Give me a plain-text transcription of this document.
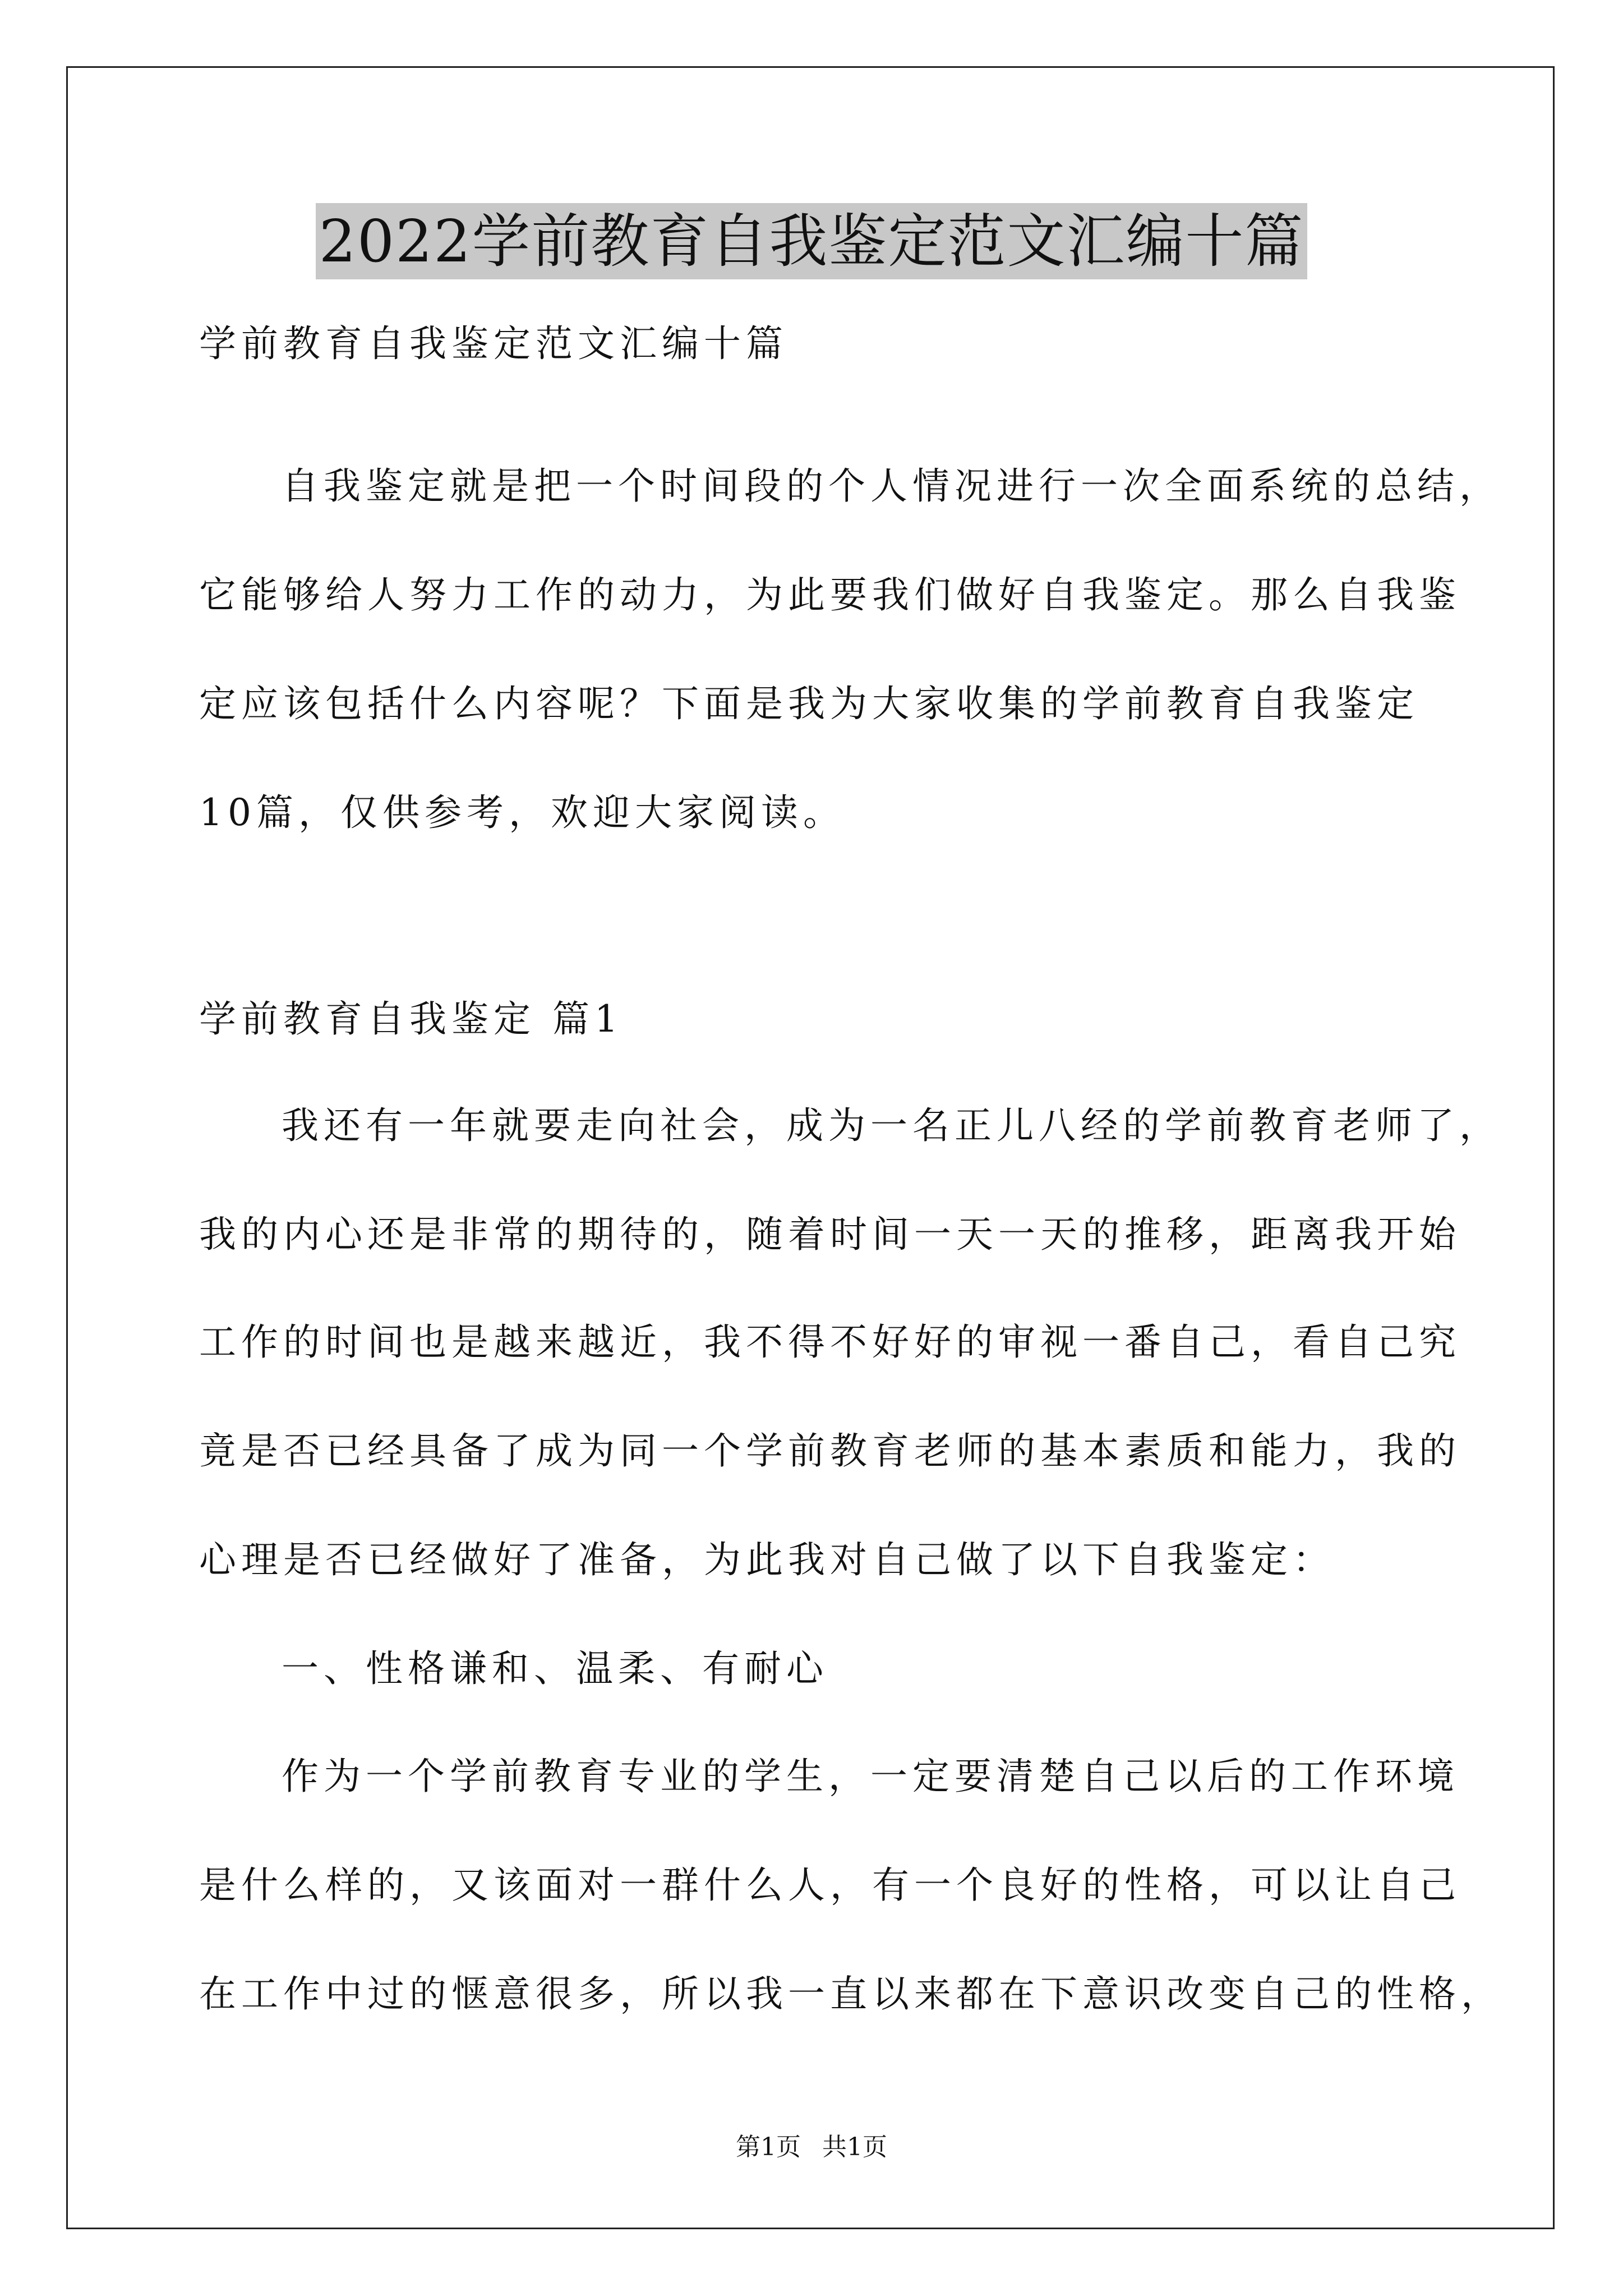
2022学前教育自我鉴定范文汇编十篇
学前教育自我鉴定范文汇编十篇
自我鉴定就是把一个时间段的个人情况进行一次全面系统的总结，
它能够给人努力工作的动力，为此要我们做好自我鉴定。那么自我鉴
定应该包括什么内容呢？下面是我为大家收集的学前教育自我鉴定
10篇，仅供参考，欢迎大家阅读。
学前教育自我鉴定 篇1
我还有一年就要走向社会，成为一名正儿八经的学前教育老师了，
我的内心还是非常的期待的，随着时间一天一天的推移，距离我开始
工作的时间也是越来越近，我不得不好好的审视一番自己，看自己究
竟是否已经具备了成为同一个学前教育老师的基本素质和能力，我的
心理是否已经做好了准备，为此我对自己做了以下自我鉴定：
一、性格谦和、温柔、有耐心
作为一个学前教育专业的学生，一定要清楚自己以后的工作环境
是什么样的，又该面对一群什么人，有一个良好的性格，可以让自己
在工作中过的惬意很多，所以我一直以来都在下意识改变自己的性格，
第1页 共1页
